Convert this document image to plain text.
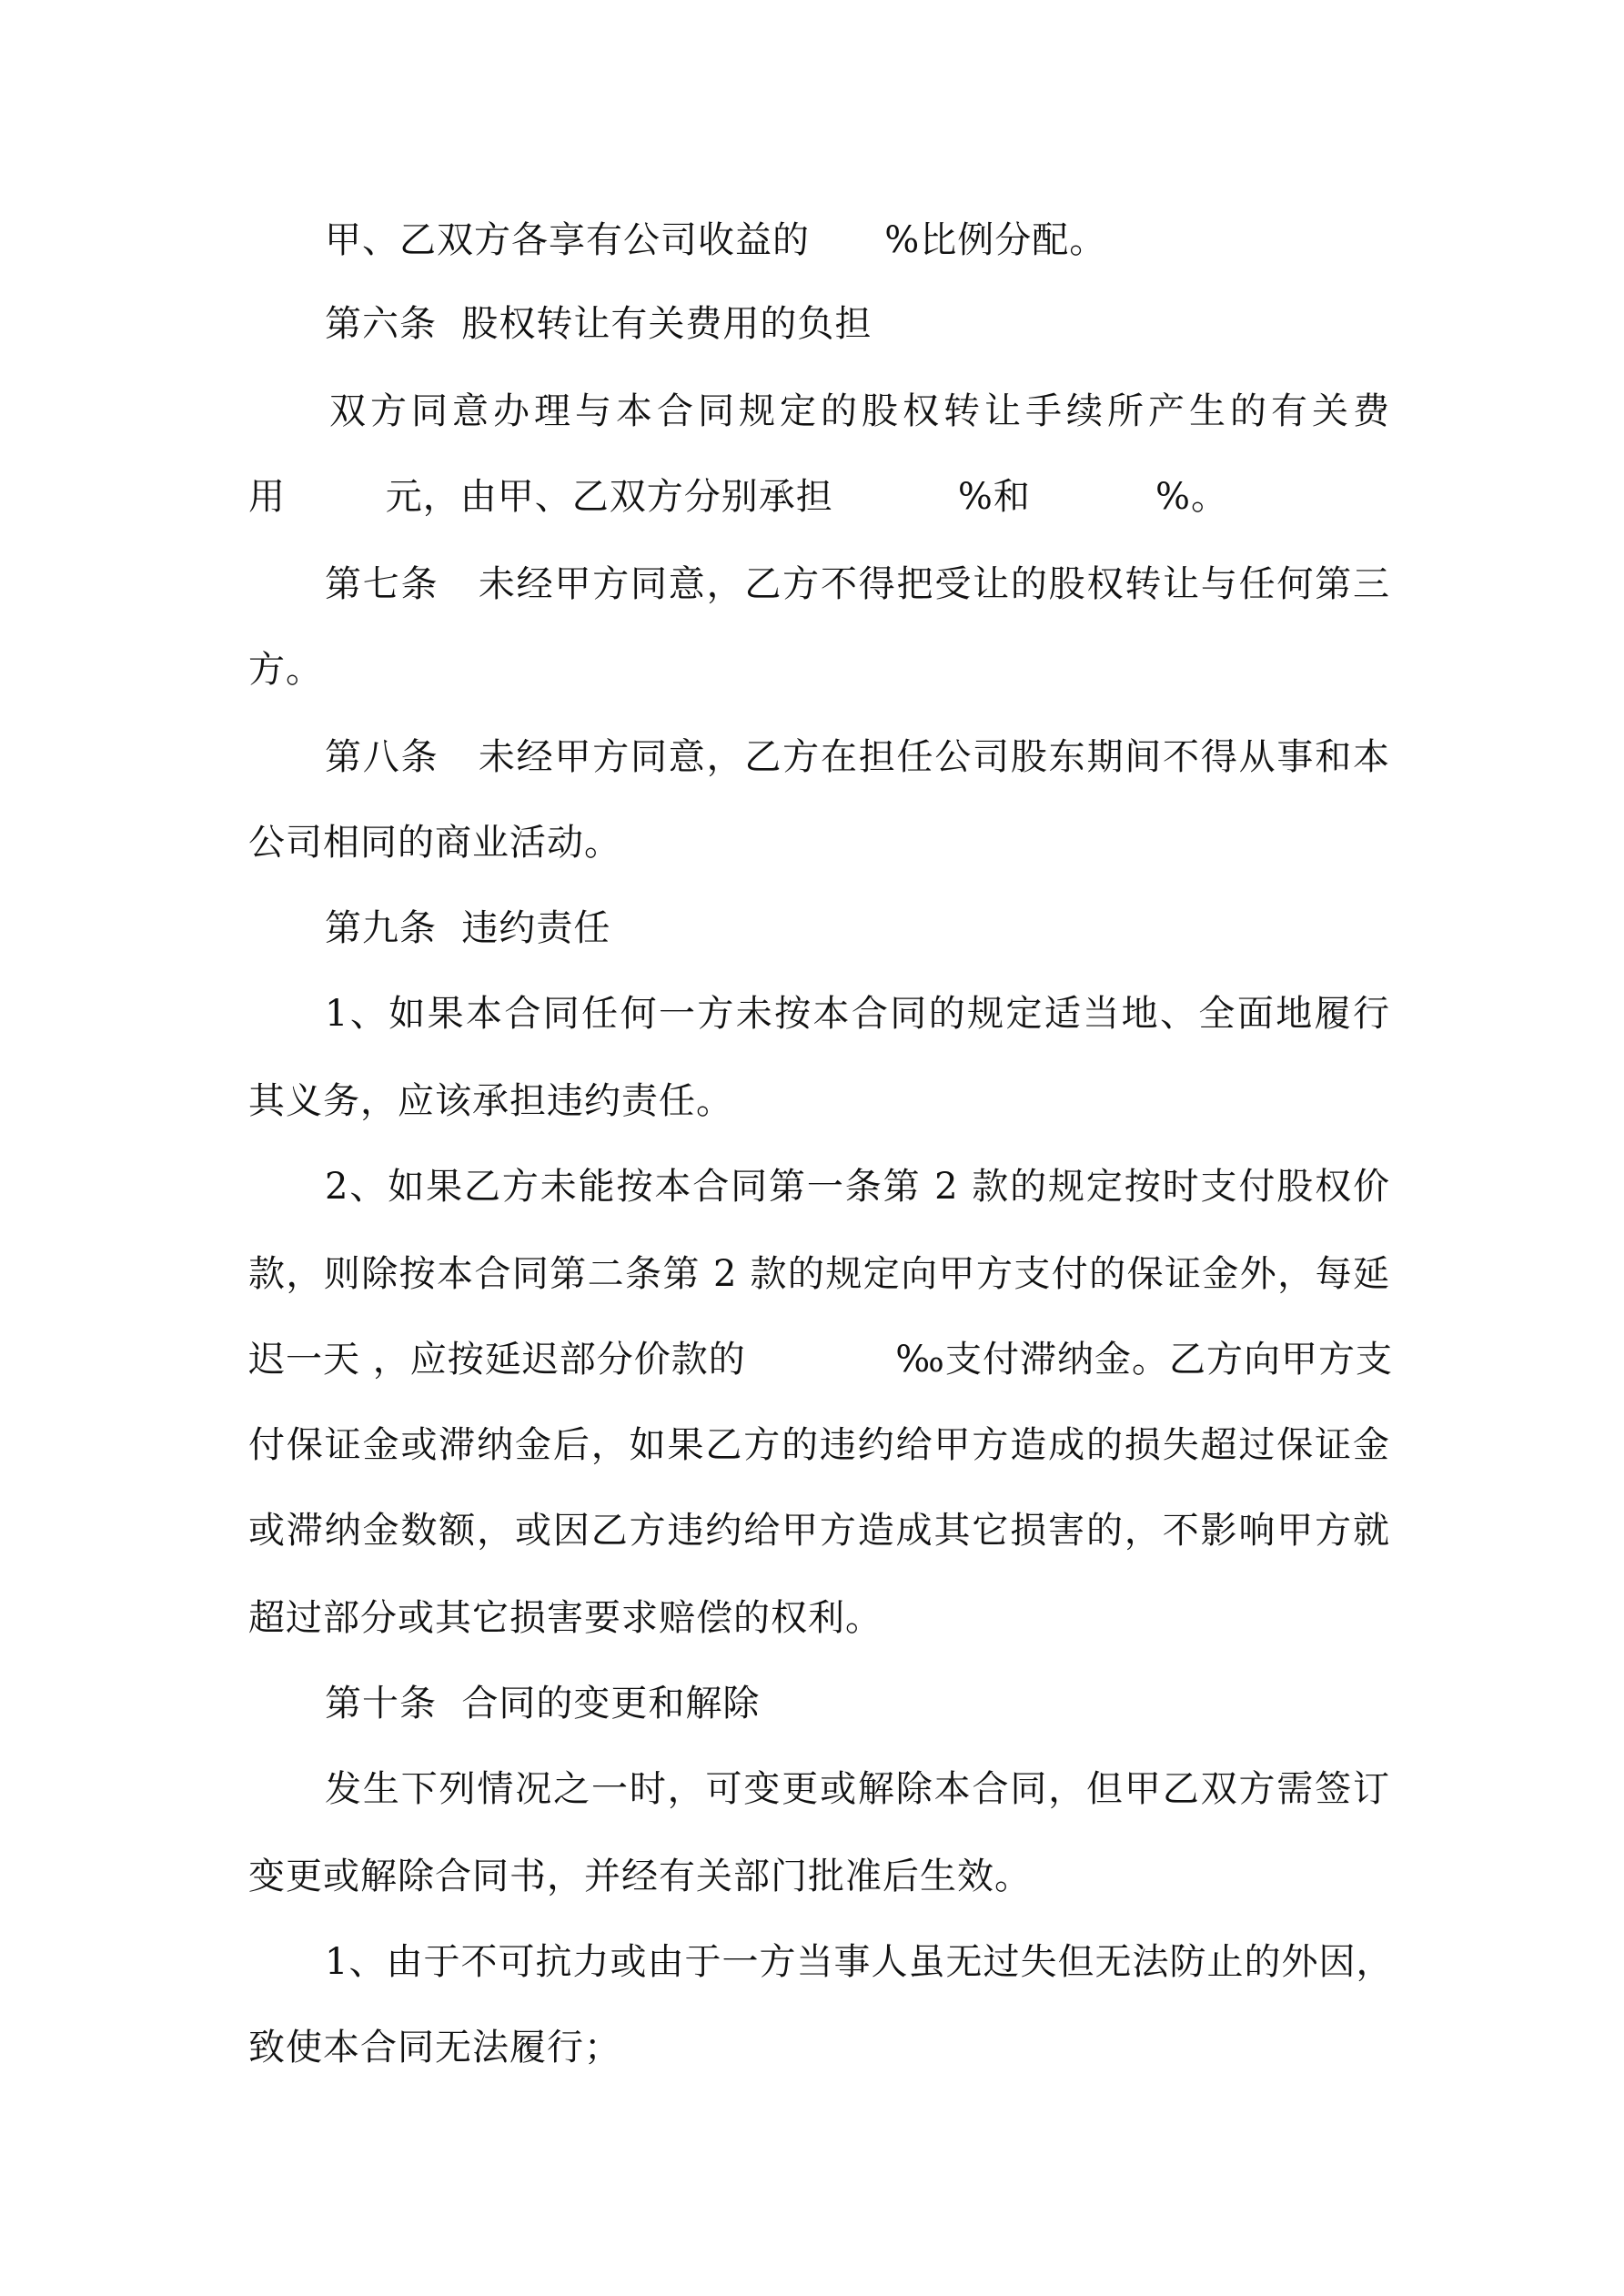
甲、乙双方各享有公司收益的      %比例分配。
第六条  股权转让有关费用的负担
双方同意办理与本合同规定的股权转让手续所产生的有关费
用        元，由甲、乙双方分别承担          %和          %。
第七条   未经甲方同意，乙方不得把受让的股权转让与任何第三
方。
第八条   未经甲方同意，乙方在担任公司股东期间不得从事和本
公司相同的商业活动。
第九条  违约责任
1、如果本合同任何一方未按本合同的规定适当地、全面地履行
其义务，应该承担违约责任。
2、如果乙方未能按本合同第一条第 2 款的规定按时支付股权价
款，则除按本合同第二条第 2 款的规定向甲方支付的保证金外，每延
迟一天 ，应按延迟部分价款的            ‰支付滞纳金。乙方向甲方支
付保证金或滞纳金后，如果乙方的违约给甲方造成的损失超过保证金
或滞纳金数额，或因乙方违约给甲方造成其它损害的，不影响甲方就
超过部分或其它损害要求赔偿的权利。
第十条  合同的变更和解除
发生下列情况之一时，可变更或解除本合同，但甲乙双方需签订
变更或解除合同书，并经有关部门批准后生效。
1、由于不可抗力或由于一方当事人虽无过失但无法防止的外因，
致使本合同无法履行；
